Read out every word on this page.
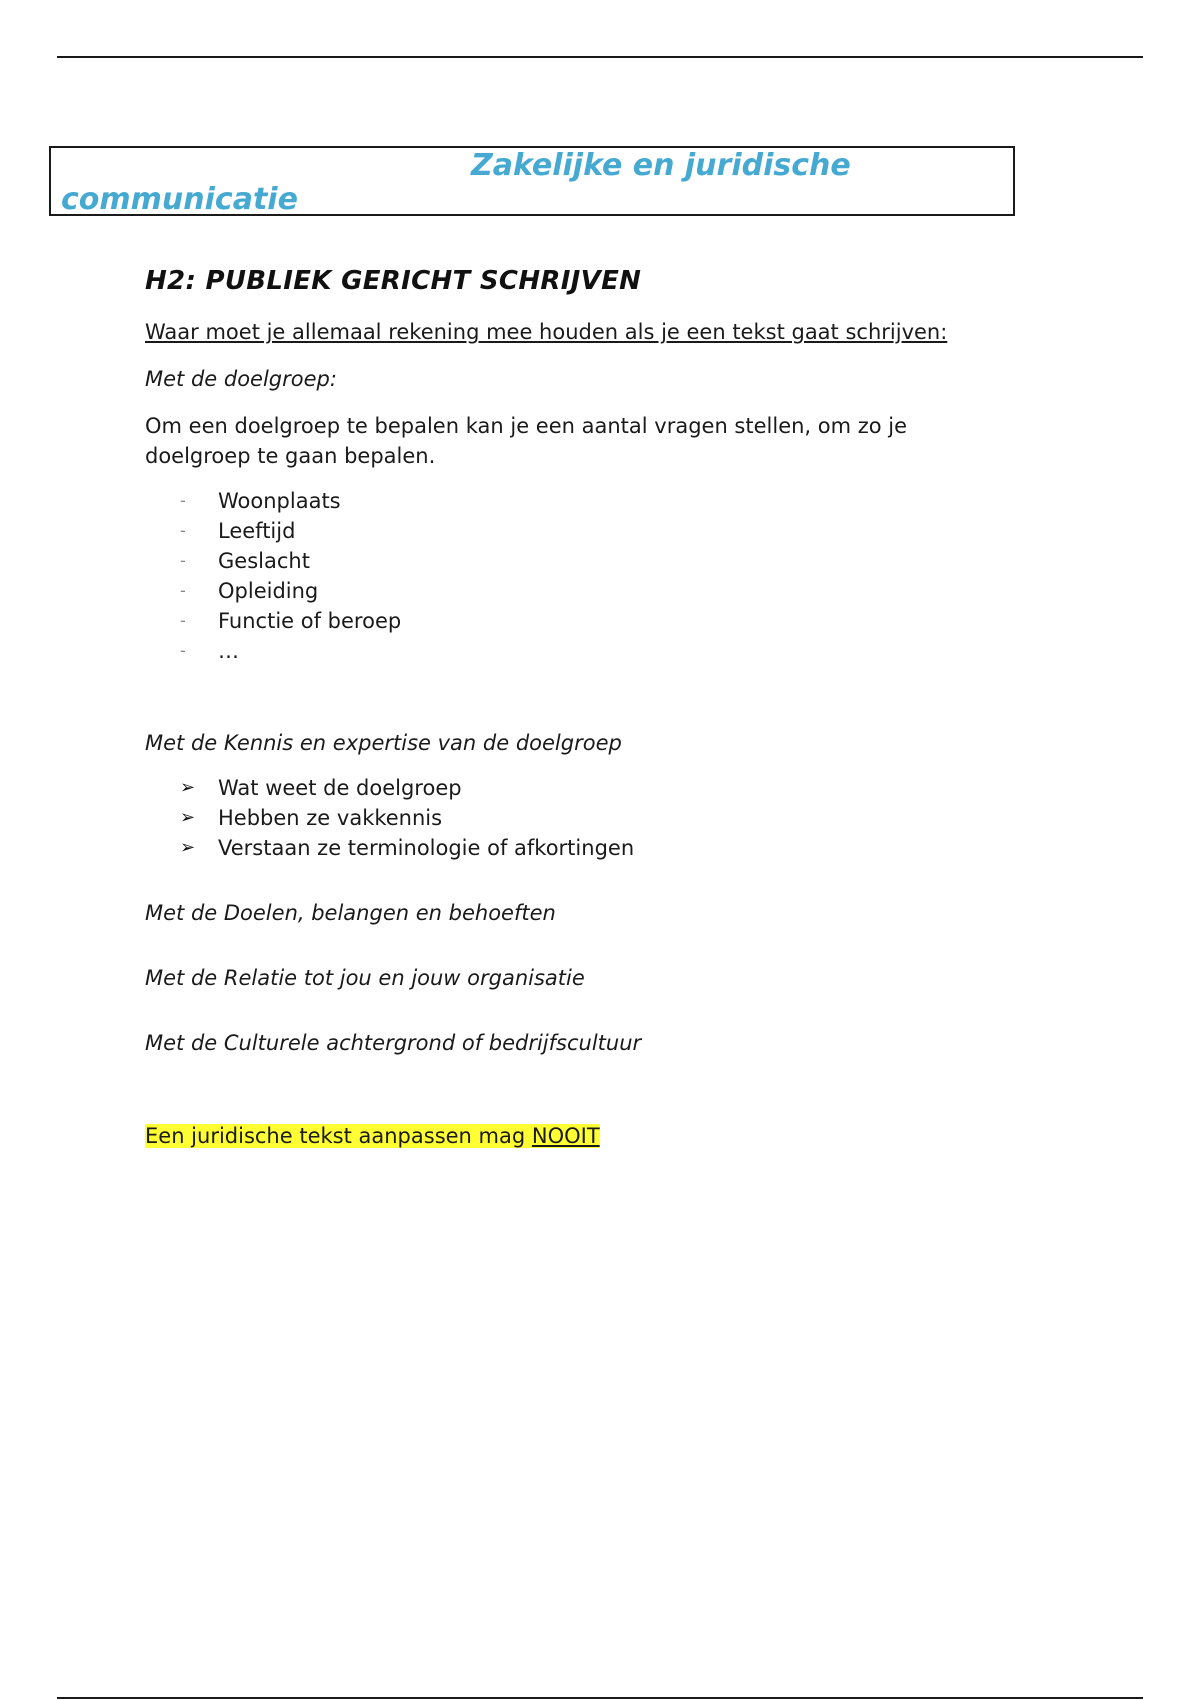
Zakelijke en juridische
communicatie
H2: PUBLIEK GERICHT SCHRIJVEN
Waar moet je allemaal rekening mee houden als je een tekst gaat schrijven:
Met de doelgroep:
Om een doelgroep te bepalen kan je een aantal vragen stellen, om zo je doelgroep te gaan bepalen.
- Woonplaats
- Leeftijd
- Geslacht
- Opleiding
- Functie of beroep
- …
Met de Kennis en expertise van de doelgroep
➢ Wat weet de doelgroep
➢ Hebben ze vakkennis
➢ Verstaan ze terminologie of afkortingen
Met de Doelen, belangen en behoeften
Met de Relatie tot jou en jouw organisatie
Met de Culturele achtergrond of bedrijfscultuur
Een juridische tekst aanpassen mag NOOIT
